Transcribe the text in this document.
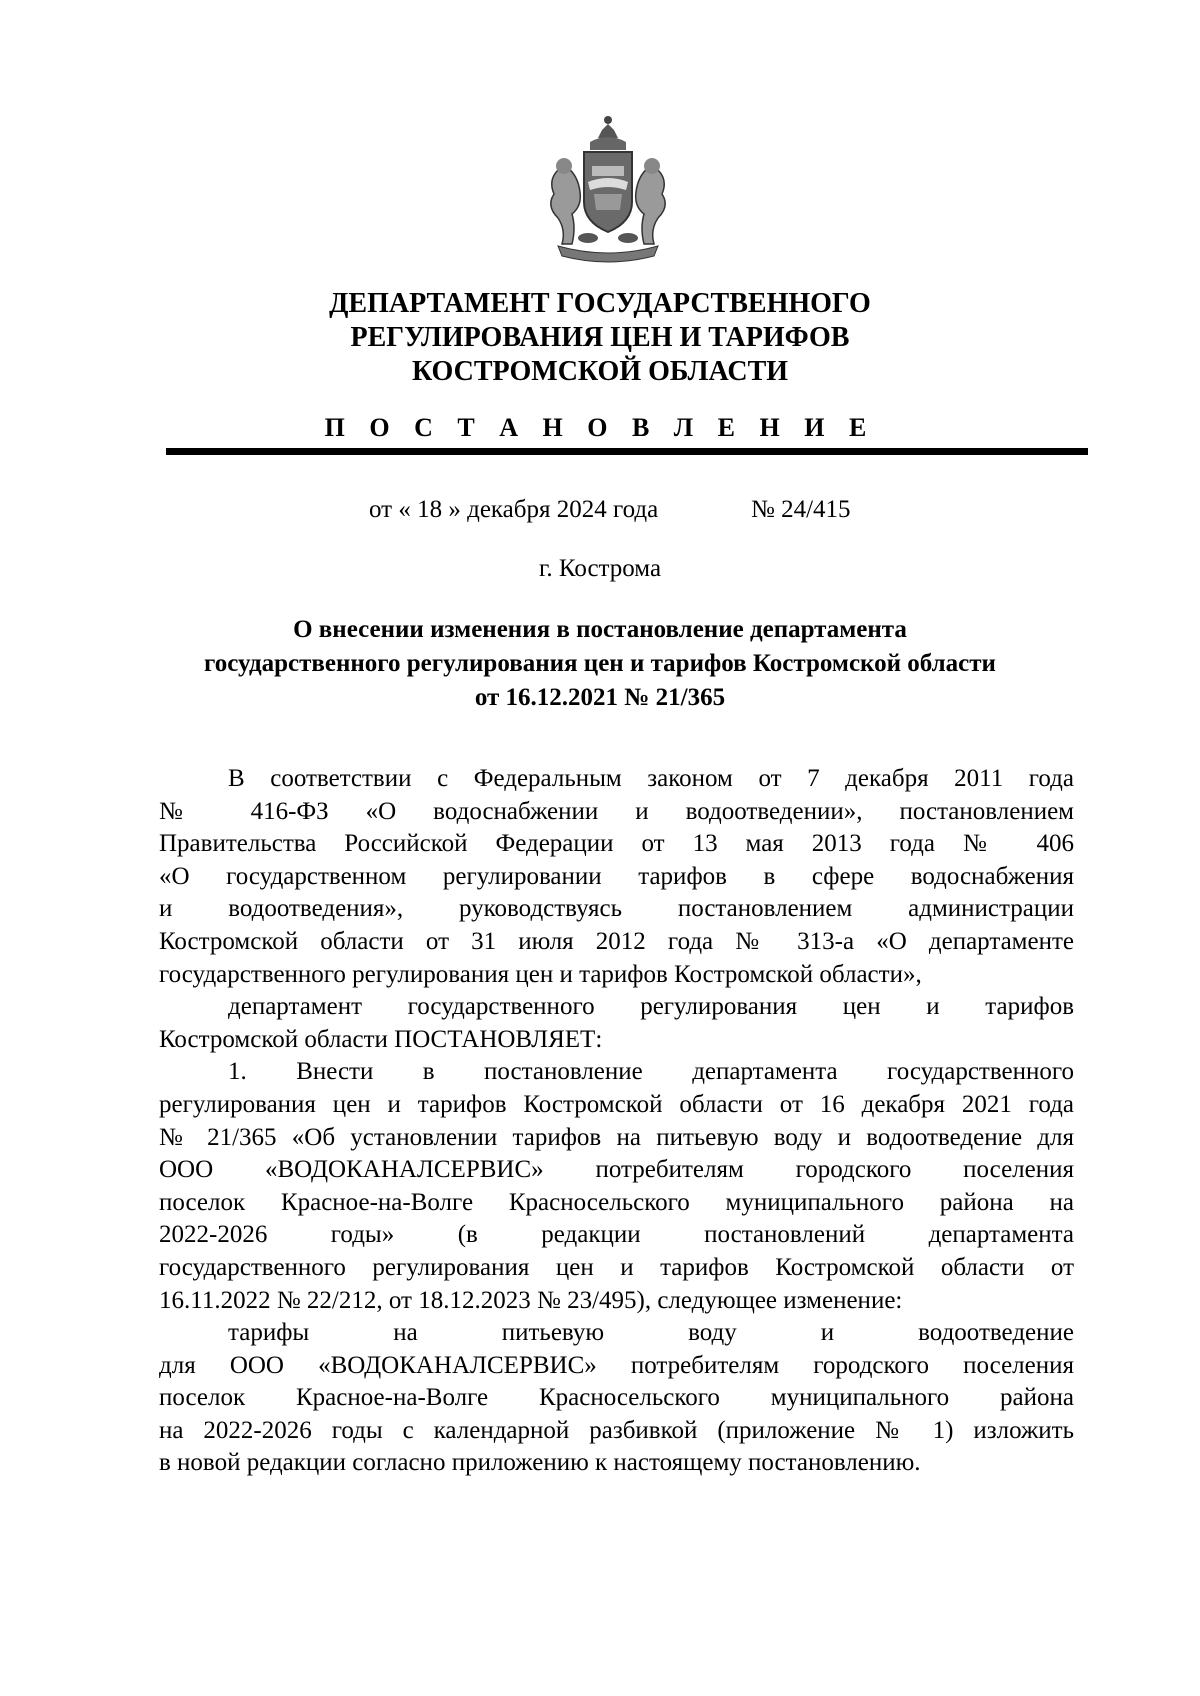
ДЕПАРТАМЕНТ ГОСУДАРСТВЕННОГО
РЕГУЛИРОВАНИЯ ЦЕН И ТАРИФОВ
КОСТРОМСКОЙ ОБЛАСТИ
П О С Т А Н О В Л Е Н И Е
от « 18 » декабря 2024 года	№ 24/415
г. Кострома
О внесении изменения в постановление департамента
государственного регулирования цен и тарифов Костромской области
от 16.12.2021 № 21/365
В соответствии с Федеральным законом от 7 декабря 2011 года
№ 416-ФЗ «О водоснабжении и водоотведении», постановлением
Правительства Российской Федерации от 13 мая 2013 года № 406
«О государственном регулировании тарифов в сфере водоснабжения
и водоотведения», руководствуясь постановлением администрации
Костромской области от 31 июля 2012 года № 313-а «О департаменте
государственного регулирования цен и тарифов Костромской области»,
департамент государственного регулирования цен и тарифов
Костромской области ПОСТАНОВЛЯЕТ:
1. Внести в постановление департамента государственного
регулирования цен и тарифов Костромской области от 16 декабря 2021 года
№ 21/365 «Об установлении тарифов на питьевую воду и водоотведение для
ООО «ВОДОКАНАЛСЕРВИС» потребителям городского поселения
поселок Красное-на-Волге Красносельского муниципального района на
2022-2026 годы» (в редакции постановлений департамента
государственного регулирования цен и тарифов Костромской области от
16.11.2022 № 22/212, от 18.12.2023 № 23/495), следующее изменение:
тарифы на питьевую воду и водоотведение
для ООО «ВОДОКАНАЛСЕРВИС» потребителям городского поселения
поселок Красное-на-Волге Красносельского муниципального района
на 2022-2026 годы с календарной разбивкой (приложение № 1) изложить
в новой редакции согласно приложению к настоящему постановлению.
